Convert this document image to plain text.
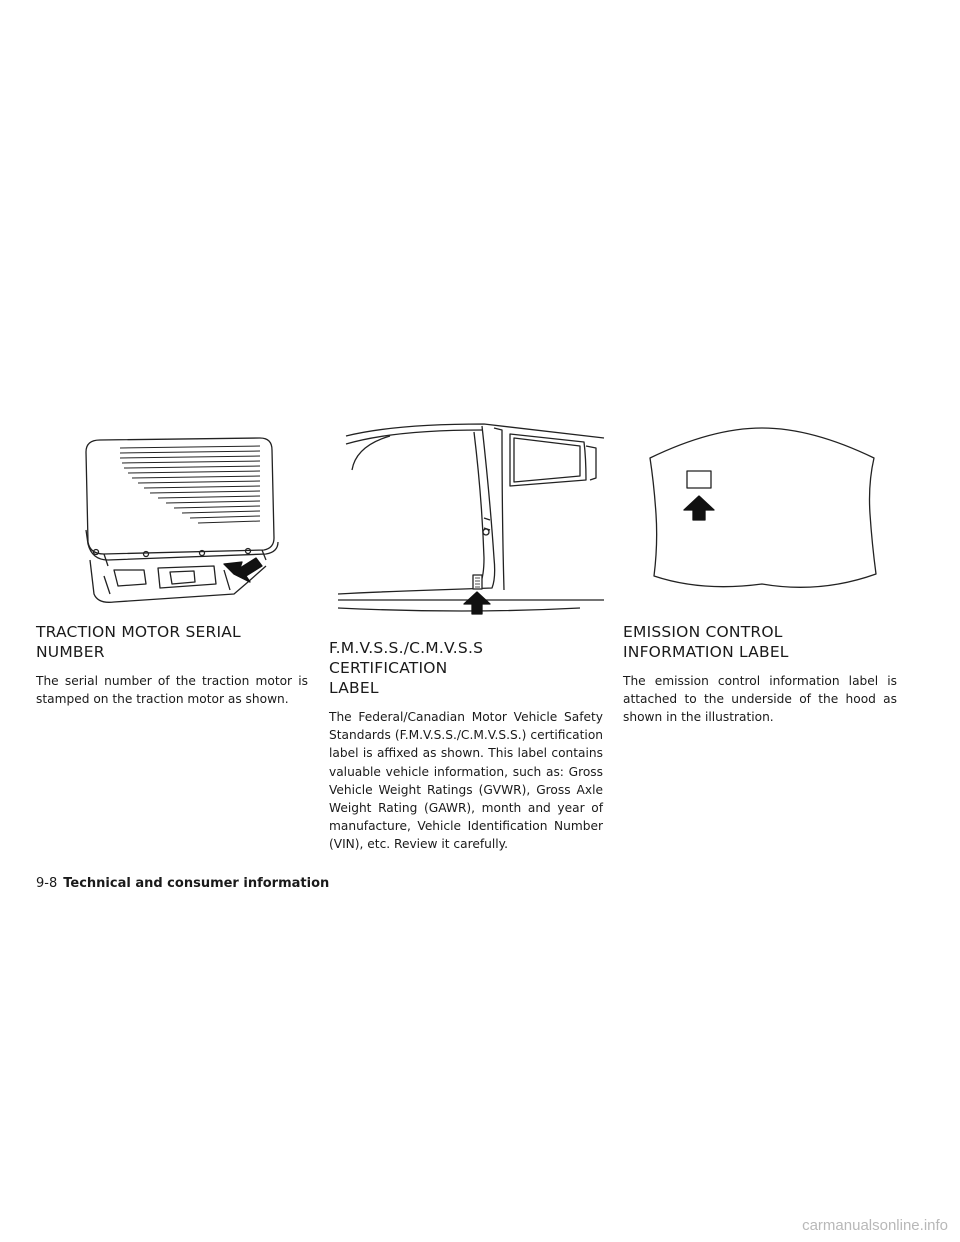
TRACTION MOTOR SERIAL
NUMBER

The serial number of the traction motor is stamped on the traction motor as shown.

F.M.V.S.S./C.M.V.S.S CERTIFICATION
LABEL

The Federal/Canadian Motor Vehicle Safety Standards (F.M.V.S.S./C.M.V.S.S.) certification label is affixed as shown. This label contains valuable vehicle information, such as: Gross Vehicle Weight Ratings (GVWR), Gross Axle Weight Rating (GAWR), month and year of manufacture, Vehicle Identification Number (VIN), etc. Review it carefully.

EMISSION CONTROL
INFORMATION LABEL

The emission control information label is attached to the underside of the hood as shown in the illustration.

9-8 Technical and consumer information
carmanualsonline.info
